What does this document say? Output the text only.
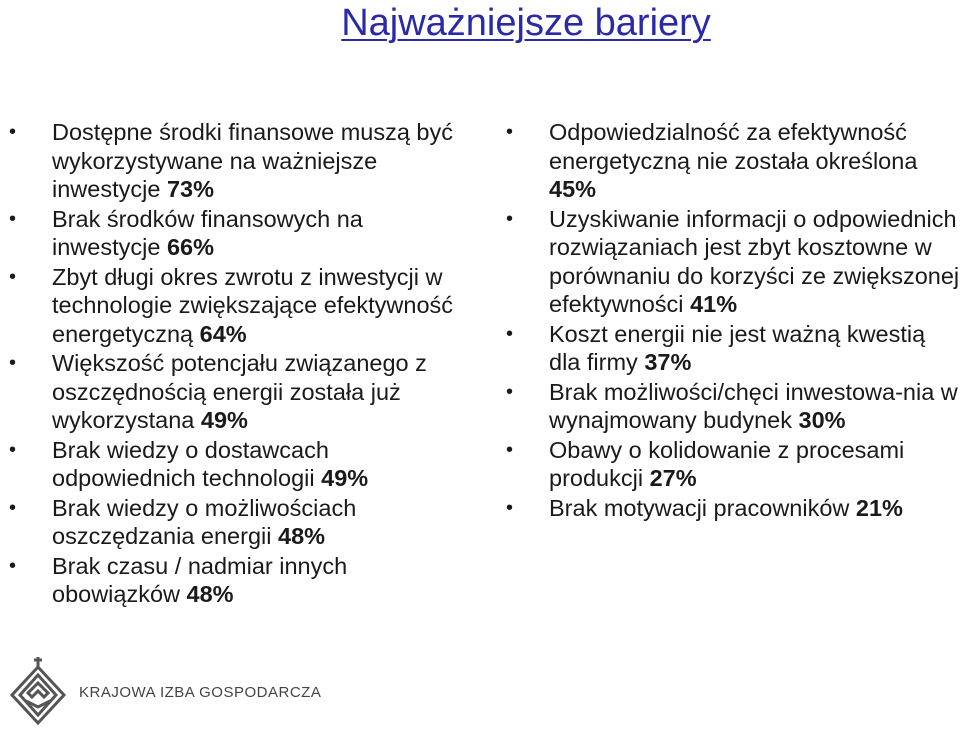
Najważniejsze bariery
• Dostępne środki finansowe muszą być wykorzystywane na ważniejsze inwestycje 73%
• Brak środków finansowych na inwestycje 66%
• Zbyt długi okres zwrotu z inwestycji w technologie zwiększające efektywność energetyczną 64%
• Większość potencjału związanego z oszczędnością energii została już wykorzystana 49%
• Brak wiedzy o dostawcach odpowiednich technologii 49%
• Brak wiedzy o możliwościach oszczędzania energii 48%
• Brak czasu / nadmiar innych obowiązków 48%
• Odpowiedzialność za efektywność energetyczną nie została określona 45%
• Uzyskiwanie informacji o odpowiednich rozwiązaniach jest zbyt kosztowne w porównaniu do korzyści ze zwiększonej efektywności 41%
• Koszt energii nie jest ważną kwestią dla firmy 37%
• Brak możliwości/chęci inwestowa-nia w wynajmowany budynek 30%
• Obawy o kolidowanie z procesami produkcji 27%
• Brak motywacji pracowników 21%
KRAJOWA IZBA GOSPODARCZA
